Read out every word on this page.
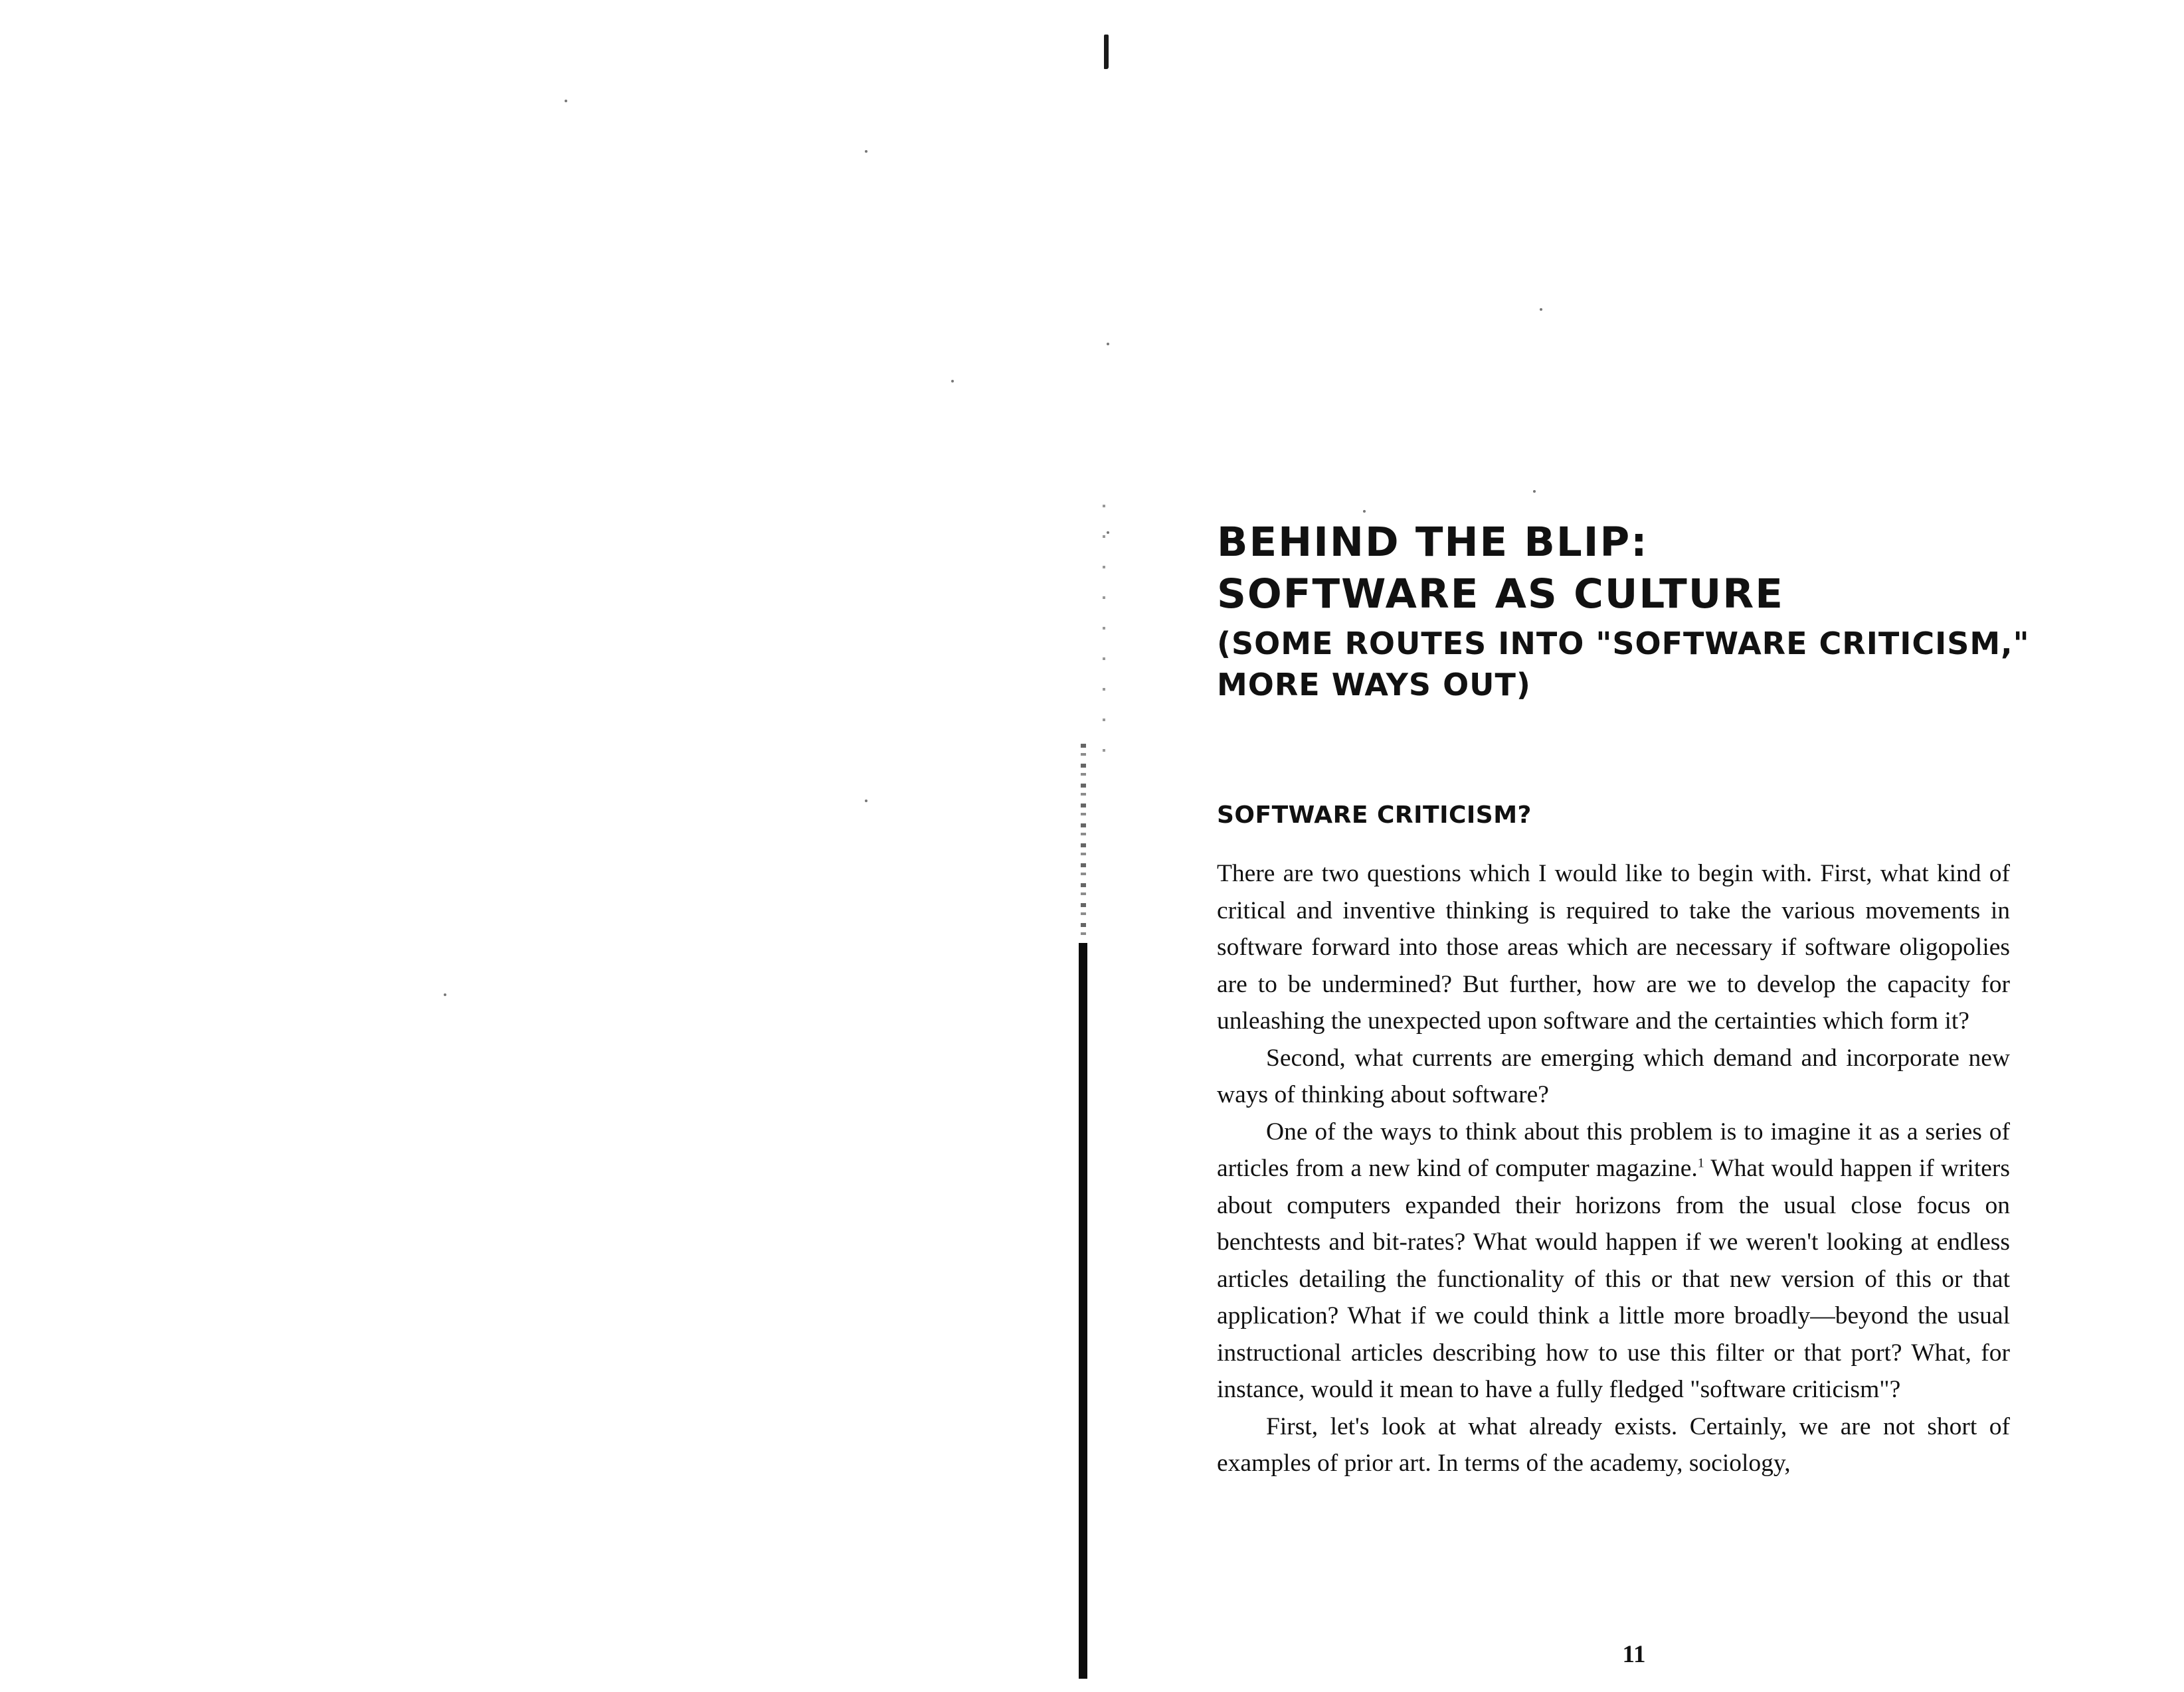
BEHIND THE BLIP:
SOFTWARE AS CULTURE
(SOME ROUTES INTO "SOFTWARE CRITICISM,"
MORE WAYS OUT)
SOFTWARE CRITICISM?

There are two questions which I would like to begin with. First, what kind of critical and inventive thinking is required to take the various movements in software forward into those areas which are necessary if software oligopolies are to be undermined? But further, how are we to develop the capacity for unleashing the unexpected upon software and the certainties which form it?

Second, what currents are emerging which demand and incorporate new ways of thinking about software?

One of the ways to think about this problem is to imagine it as a series of articles from a new kind of computer magazine.$^1$ What would happen if writers about computers expanded their horizons from the usual close focus on benchtests and bit-rates? What would happen if we weren't looking at endless articles detailing the functionality of this or that new version of this or that application? What if we could think a little more broadly—beyond the usual instructional articles describing how to use this filter or that port? What, for instance, would it mean to have a fully fledged "software criticism"?

First, let's look at what already exists. Certainly, we are not short of examples of prior art. In terms of the academy, sociology,

11
